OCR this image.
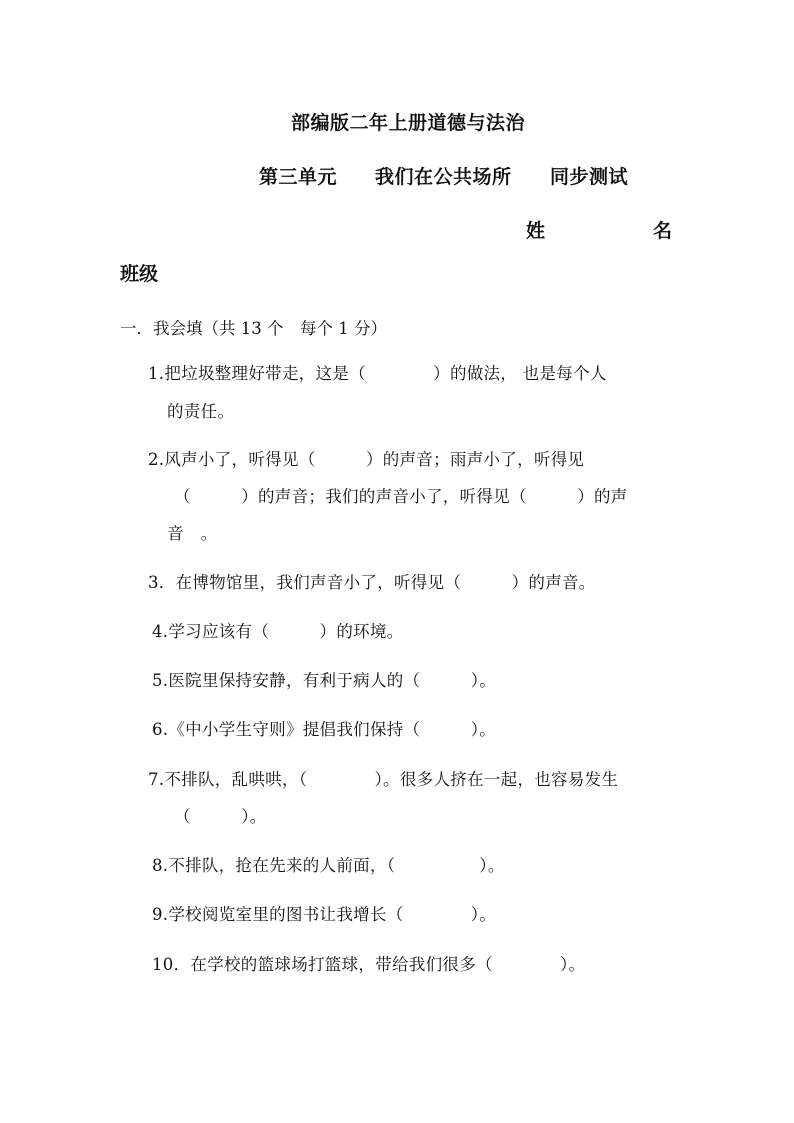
部编版二年上册道德与法治
第三单元 我们在公共场所 同步测试
姓	名
班级
一．我会填（共 13 个　每个 1 分）
1.把垃圾整理好带走，这是（　　　　）的做法， 也是每个人
的责任。
2.风声小了，听得见（　　　）的声音；雨声小了，听得见
（　　　）的声音；我们的声音小了，听得见（　　　）的声
音　。
3．在博物馆里，我们声音小了，听得见（　　　）的声音。
4.学习应该有（　　　）的环境。
5.医院里保持安静，有利于病人的（　　　）。
6.《中小学生守则》提倡我们保持（　　　）。
7.不排队，乱哄哄，（　　　　）。很多人挤在一起，也容易发生
（　　　）。
8.不排队，抢在先来的人前面，（　　　　　）。
9.学校阅览室里的图书让我增长（　　　　）。
10．在学校的篮球场打篮球，带给我们很多（　　　　）。
